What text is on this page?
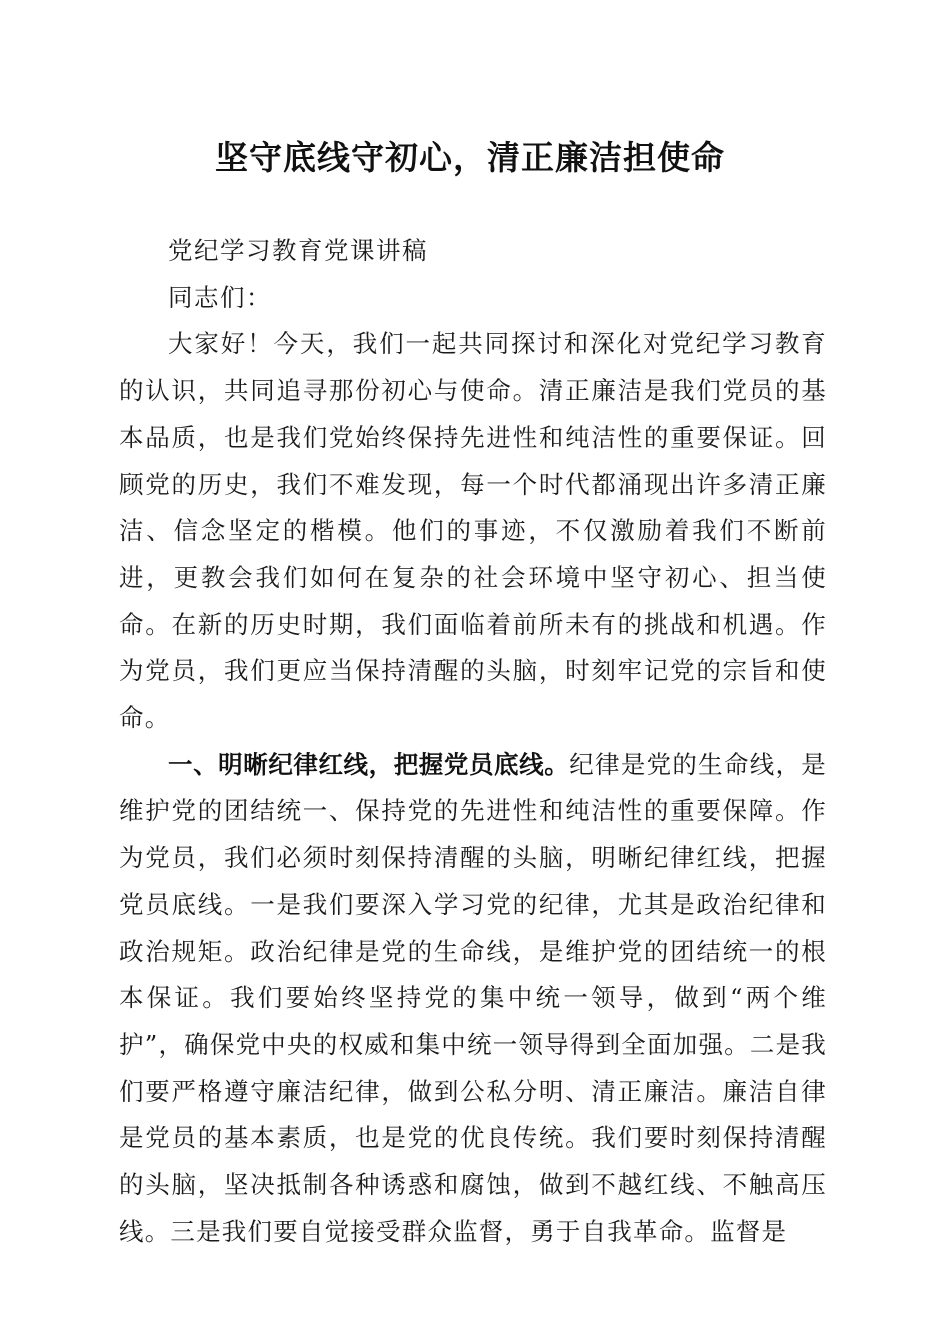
坚守底线守初心，清正廉洁担使命

党纪学习教育党课讲稿

同志们：

大家好！今天，我们一起共同探讨和深化对党纪学习教育的认识，共同追寻那份初心与使命。清正廉洁是我们党员的基本品质，也是我们党始终保持先进性和纯洁性的重要保证。回顾党的历史，我们不难发现，每一个时代都涌现出许多清正廉洁、信念坚定的楷模。他们的事迹，不仅激励着我们不断前进，更教会我们如何在复杂的社会环境中坚守初心、担当使命。在新的历史时期，我们面临着前所未有的挑战和机遇。作为党员，我们更应当保持清醒的头脑，时刻牢记党的宗旨和使命。

一、明晰纪律红线，把握党员底线。纪律是党的生命线，是维护党的团结统一、保持党的先进性和纯洁性的重要保障。作为党员，我们必须时刻保持清醒的头脑，明晰纪律红线，把握党员底线。一是我们要深入学习党的纪律，尤其是政治纪律和政治规矩。政治纪律是党的生命线，是维护党的团结统一的根本保证。我们要始终坚持党的集中统一领导，做到“两个维护”，确保党中央的权威和集中统一领导得到全面加强。二是我们要严格遵守廉洁纪律，做到公私分明、清正廉洁。廉洁自律是党员的基本素质，也是党的优良传统。我们要时刻保持清醒的头脑，坚决抵制各种诱惑和腐蚀，做到不越红线、不触高压线。三是我们要自觉接受群众监督，勇于自我革命。监督是
